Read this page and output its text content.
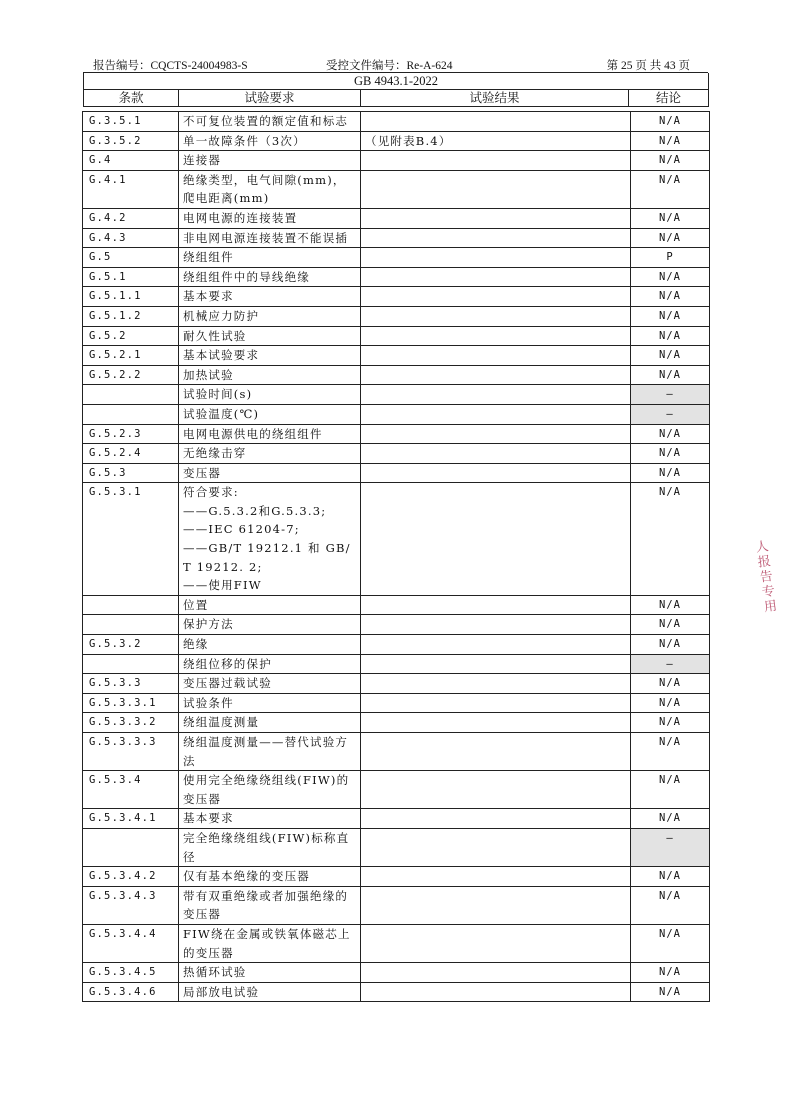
报告编号：CQCTS-24004983-S	受控文件编号：Re-A-624	第 25 页 共 43 页
GB 4943.1-2022
条款	试验要求	试验结果	结论
G.3.5.1	不可复位装置的额定值和标志		N/A
G.3.5.2	单一故障条件（3次）	（见附表B.4）	N/A
G.4	连接器		N/A
G.4.1	绝缘类型，电气间隙(mm)，爬电距离(mm)		N/A
G.4.2	电网电源的连接装置		N/A
G.4.3	非电网电源连接装置不能误插		N/A
G.5	绕组组件		P
G.5.1	绕组组件中的导线绝缘		N/A
G.5.1.1	基本要求		N/A
G.5.1.2	机械应力防护		N/A
G.5.2	耐久性试验		N/A
G.5.2.1	基本试验要求		N/A
G.5.2.2	加热试验		N/A
	试验时间(s)		—
	试验温度(℃)		—
G.5.2.3	电网电源供电的绕组组件		N/A
G.5.2.4	无绝缘击穿		N/A
G.5.3	变压器		N/A
G.5.3.1	符合要求:
——G.5.3.2和G.5.3.3;
——IEC 61204-7;
——GB/T 19212.1 和 GB/T 19212. 2;
——使用FIW		N/A
	位置		N/A
	保护方法		N/A
G.5.3.2	绝缘		N/A
	绕组位移的保护		—
G.5.3.3	变压器过载试验		N/A
G.5.3.3.1	试验条件		N/A
G.5.3.3.2	绕组温度测量		N/A
G.5.3.3.3	绕组温度测量——替代试验方法		N/A
G.5.3.4	使用完全绝缘绕组线(FIW)的变压器		N/A
G.5.3.4.1	基本要求		N/A
	完全绝缘绕组线(FIW)标称直径		—
G.5.3.4.2	仅有基本绝缘的变压器		N/A
G.5.3.4.3	带有双重绝缘或者加强绝缘的变压器		N/A
G.5.3.4.4	FIW绕在金属或铁氧体磁芯上的变压器		N/A
G.5.3.4.5	热循环试验		N/A
G.5.3.4.6	局部放电试验		N/A
人报告专用
